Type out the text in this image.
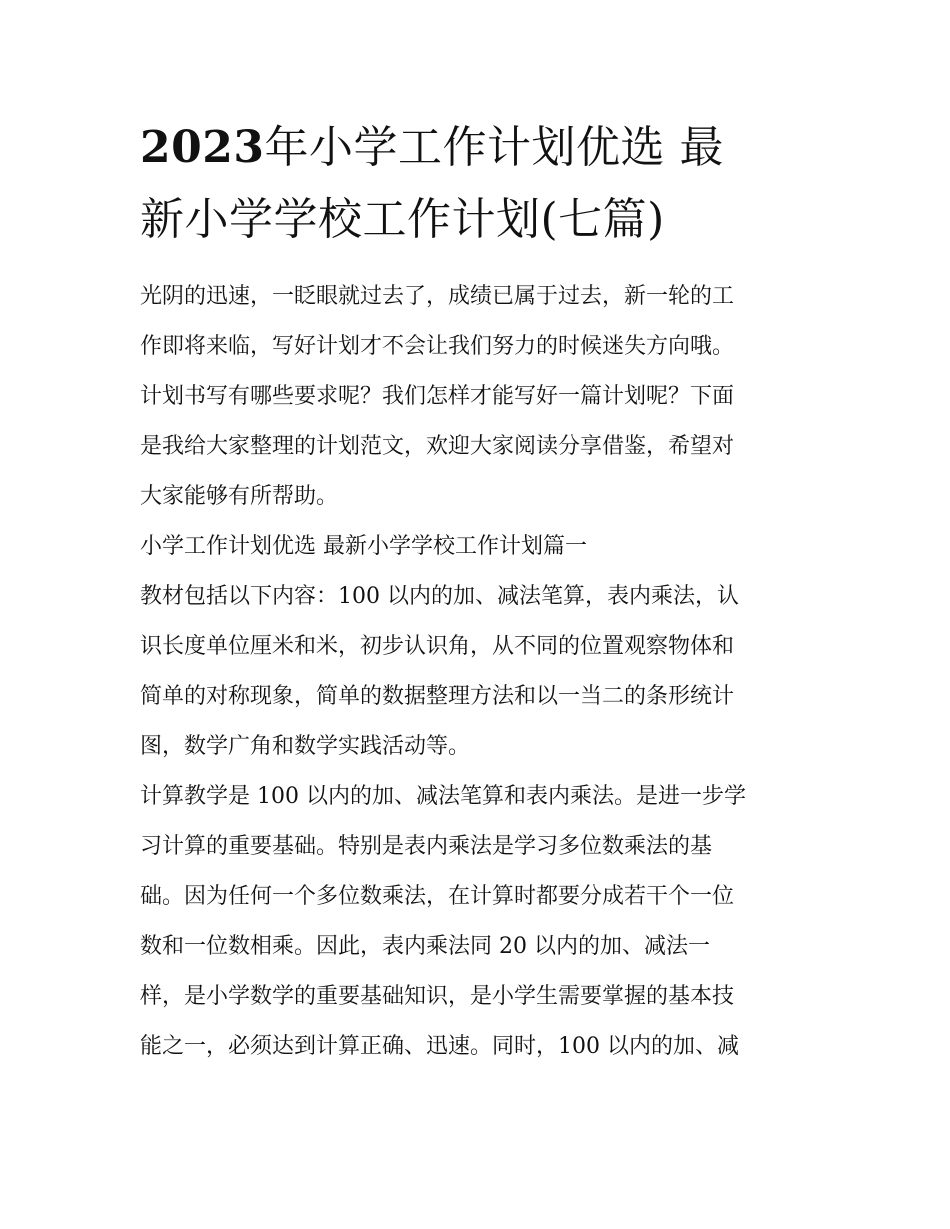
2023年小学工作计划优选 最
新小学学校工作计划(七篇)

光阴的迅速，一眨眼就过去了，成绩已属于过去，新一轮的工
作即将来临，写好计划才不会让我们努力的时候迷失方向哦。
计划书写有哪些要求呢？我们怎样才能写好一篇计划呢？下面
是我给大家整理的计划范文，欢迎大家阅读分享借鉴，希望对
大家能够有所帮助。

小学工作计划优选 最新小学学校工作计划篇一

教材包括以下内容：100 以内的加、减法笔算，表内乘法，认
识长度单位厘米和米，初步认识角，从不同的位置观察物体和
简单的对称现象，简单的数据整理方法和以一当二的条形统计
图，数学广角和数学实践活动等。

计算教学是 100 以内的加、减法笔算和表内乘法。是进一步学
习计算的重要基础。特别是表内乘法是学习多位数乘法的基
础。因为任何一个多位数乘法，在计算时都要分成若干个一位
数和一位数相乘。因此，表内乘法同 20 以内的加、减法一
样，是小学数学的重要基础知识，是小学生需要掌握的基本技
能之一，必须达到计算正确、迅速。同时，100 以内的加、减
